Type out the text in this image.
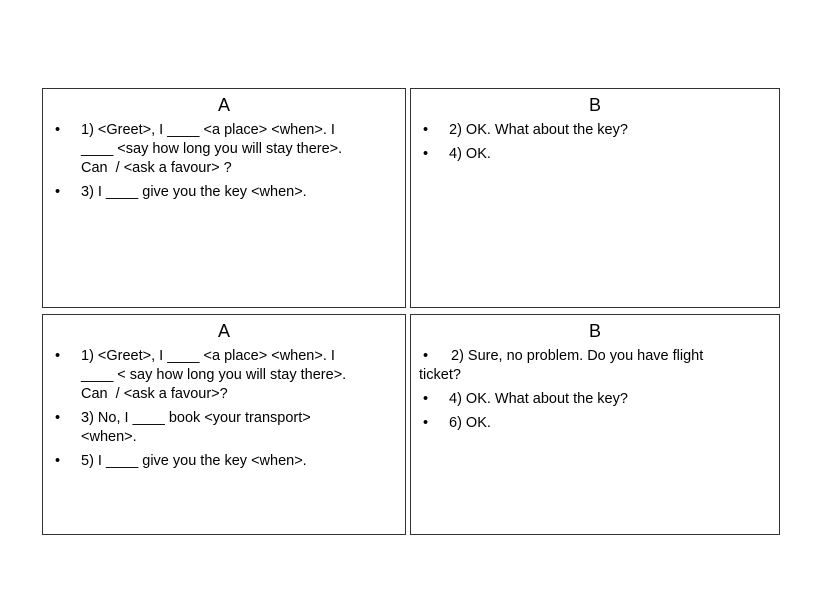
A
• 1) <Greet>, I ____ <a place> <when>. I
____ <say how long you will stay there>.
Can  / <ask a favour> ?
• 3) I ____ give you the key <when>.
B
• 2) OK. What about the key?
• 4) OK.
A
• 1) <Greet>, I ____ <a place> <when>. I
____ < say how long you will stay there>.
Can  / <ask a favour>?
• 3) No, I ____ book <your transport>
<when>.
• 5) I ____ give you the key <when>.
B
• 2) Sure, no problem. Do you have flight
ticket?
• 4) OK. What about the key?
• 6) OK.
